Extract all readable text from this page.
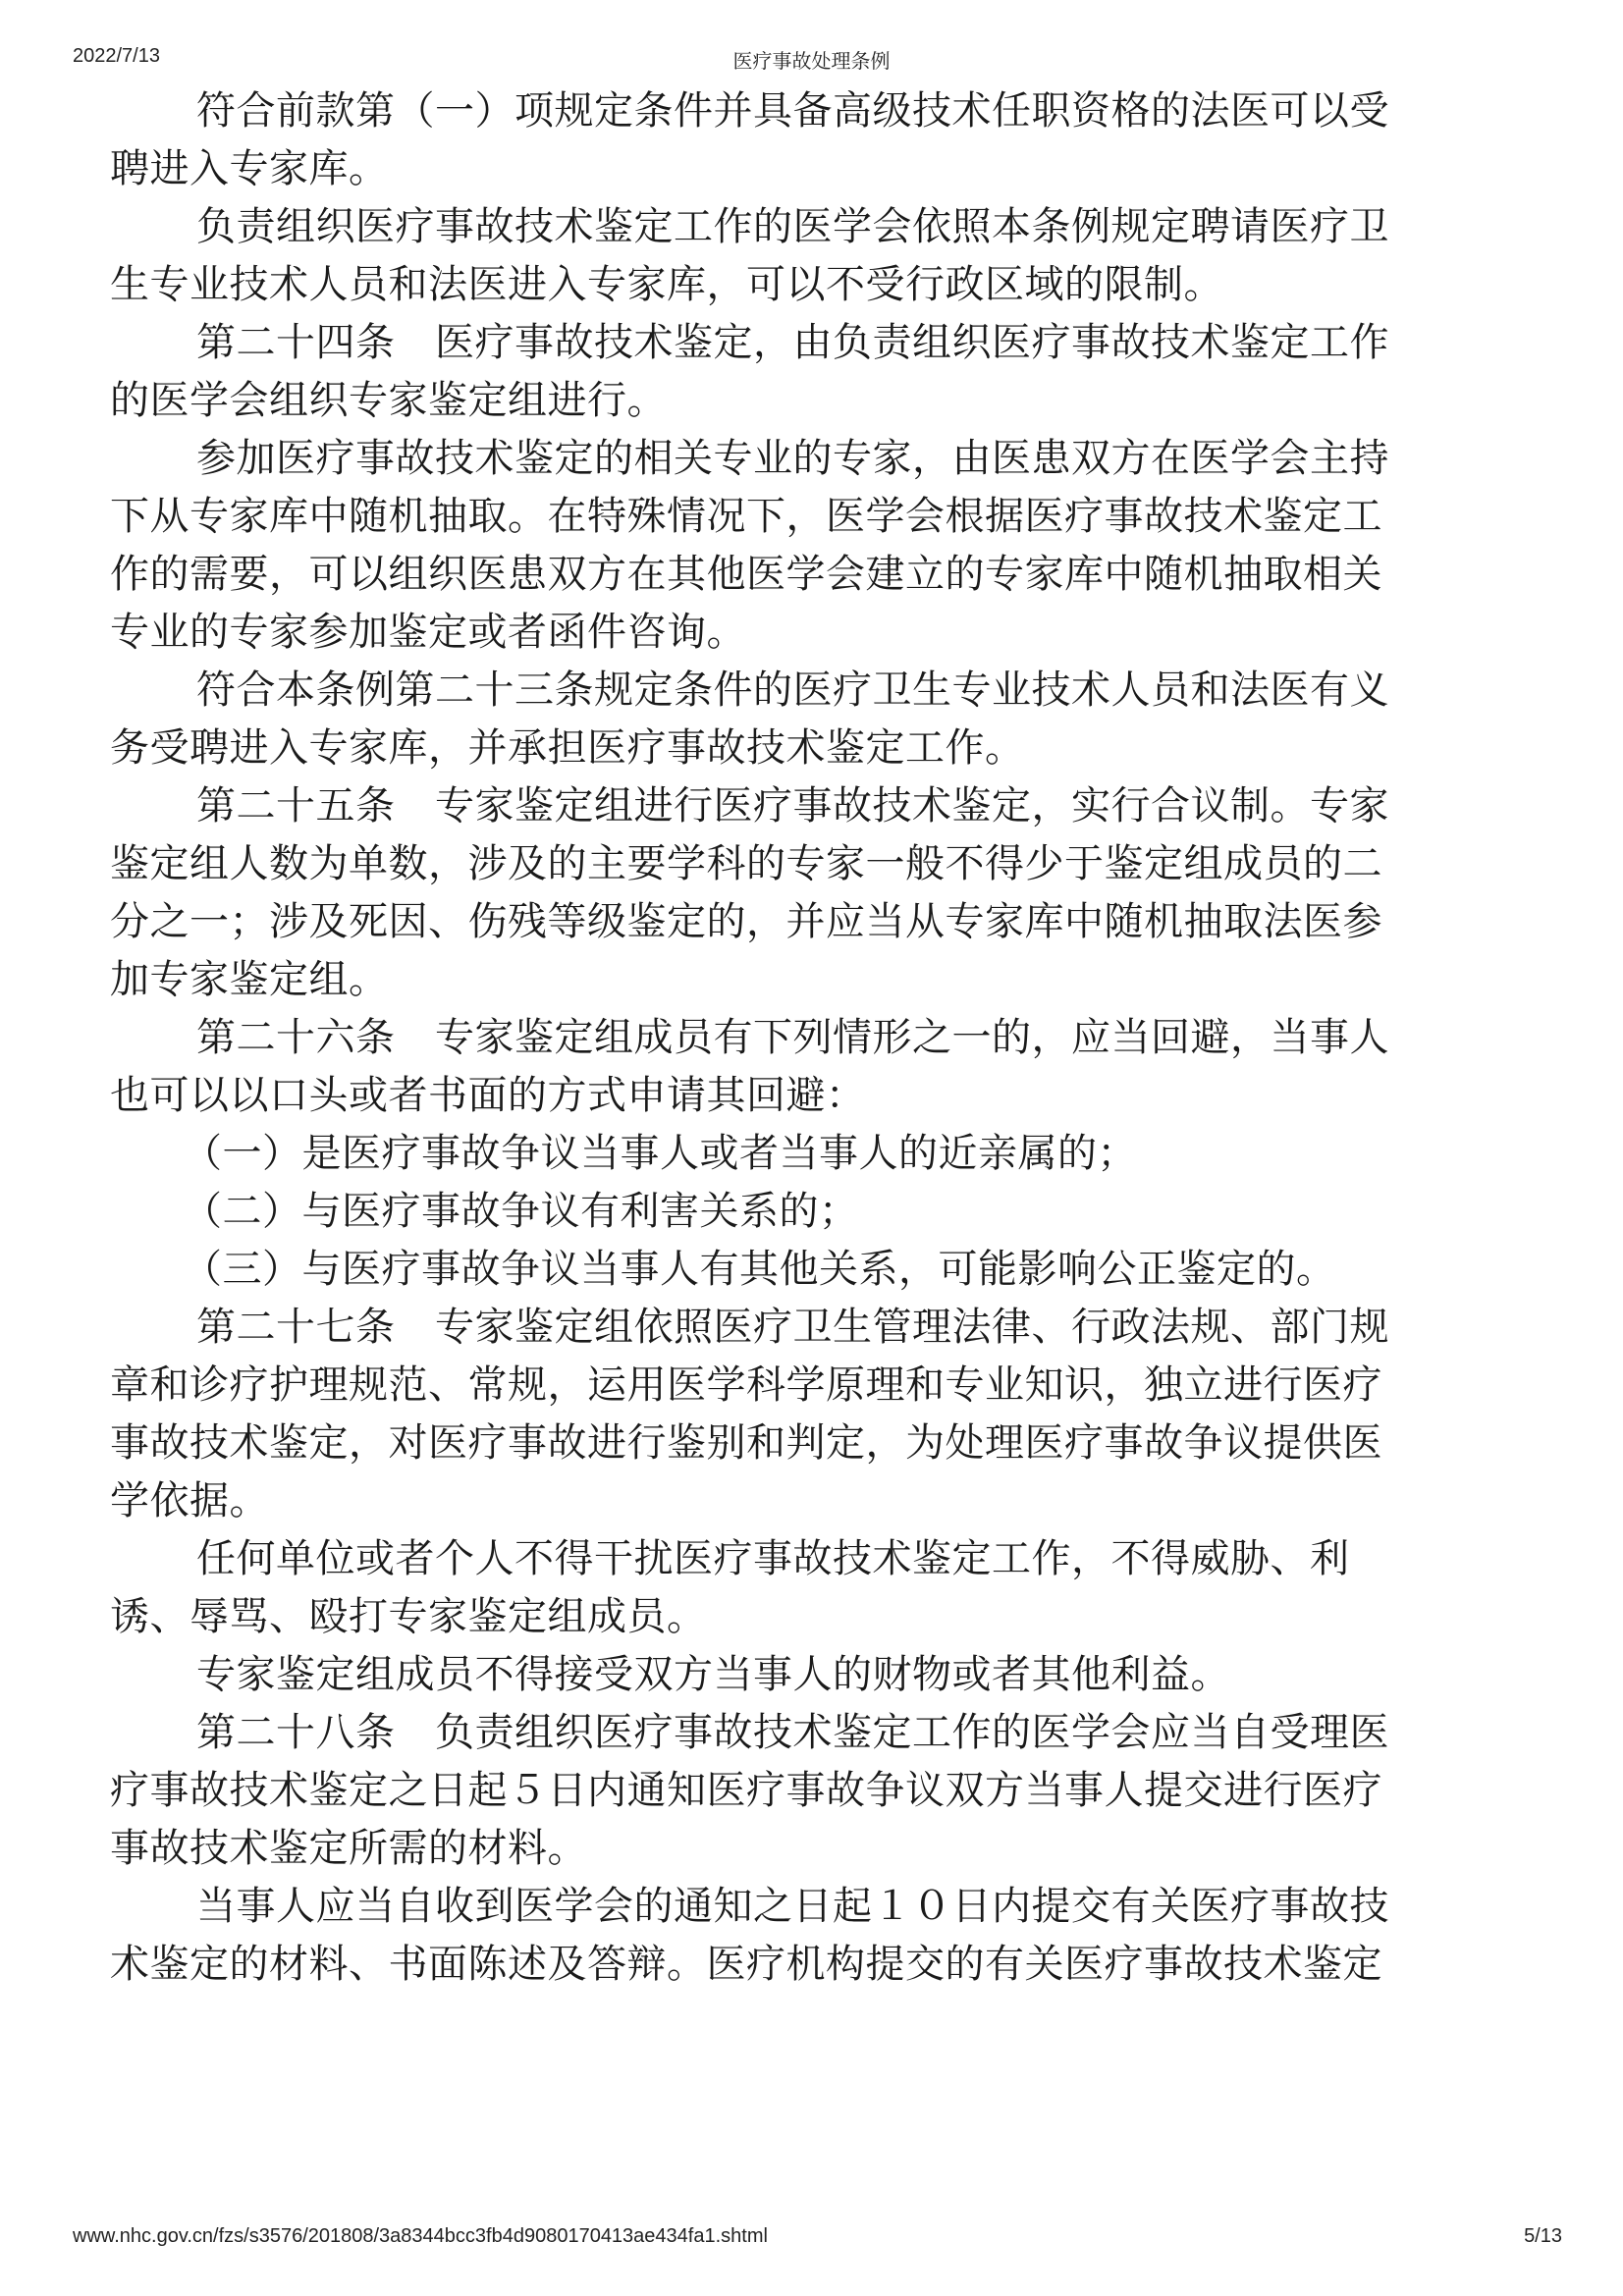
2022/7/13	医疗事故处理条例
符合前款第（一）项规定条件并具备高级技术任职资格的法医可以受
聘进入专家库。
负责组织医疗事故技术鉴定工作的医学会依照本条例规定聘请医疗卫
生专业技术人员和法医进入专家库，可以不受行政区域的限制。
第二十四条　医疗事故技术鉴定，由负责组织医疗事故技术鉴定工作
的医学会组织专家鉴定组进行。
参加医疗事故技术鉴定的相关专业的专家，由医患双方在医学会主持
下从专家库中随机抽取。在特殊情况下，医学会根据医疗事故技术鉴定工
作的需要，可以组织医患双方在其他医学会建立的专家库中随机抽取相关
专业的专家参加鉴定或者函件咨询。
符合本条例第二十三条规定条件的医疗卫生专业技术人员和法医有义
务受聘进入专家库，并承担医疗事故技术鉴定工作。
第二十五条　专家鉴定组进行医疗事故技术鉴定，实行合议制。专家
鉴定组人数为单数，涉及的主要学科的专家一般不得少于鉴定组成员的二
分之一；涉及死因、伤残等级鉴定的，并应当从专家库中随机抽取法医参
加专家鉴定组。
第二十六条　专家鉴定组成员有下列情形之一的，应当回避，当事人
也可以以口头或者书面的方式申请其回避：
（一）是医疗事故争议当事人或者当事人的近亲属的；
（二）与医疗事故争议有利害关系的；
（三）与医疗事故争议当事人有其他关系，可能影响公正鉴定的。
第二十七条　专家鉴定组依照医疗卫生管理法律、行政法规、部门规
章和诊疗护理规范、常规，运用医学科学原理和专业知识，独立进行医疗
事故技术鉴定，对医疗事故进行鉴别和判定，为处理医疗事故争议提供医
学依据。
任何单位或者个人不得干扰医疗事故技术鉴定工作，不得威胁、利
诱、辱骂、殴打专家鉴定组成员。
专家鉴定组成员不得接受双方当事人的财物或者其他利益。
第二十八条　负责组织医疗事故技术鉴定工作的医学会应当自受理医
疗事故技术鉴定之日起５日内通知医疗事故争议双方当事人提交进行医疗
事故技术鉴定所需的材料。
当事人应当自收到医学会的通知之日起１０日内提交有关医疗事故技
术鉴定的材料、书面陈述及答辩。医疗机构提交的有关医疗事故技术鉴定
www.nhc.gov.cn/fzs/s3576/201808/3a8344bcc3fb4d9080170413ae434fa1.shtml	5/13
